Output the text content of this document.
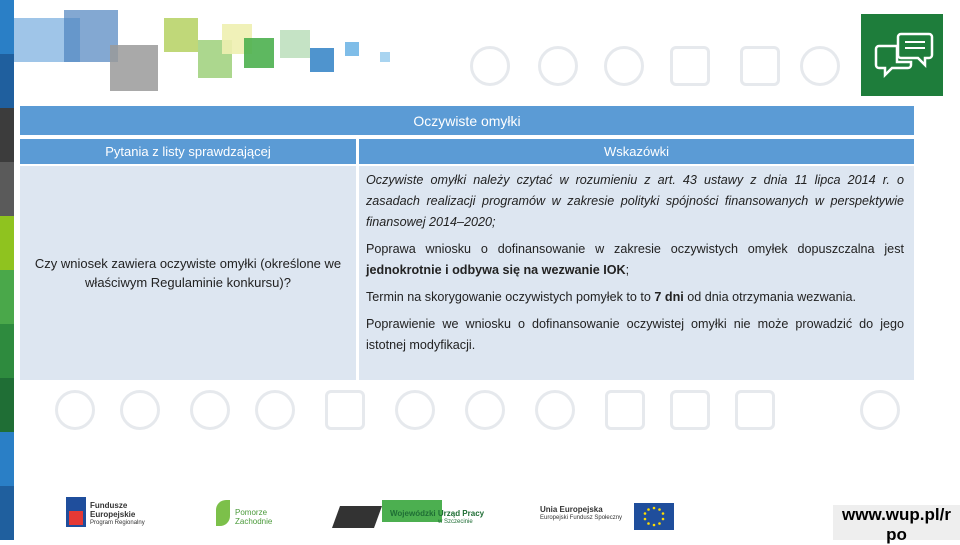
Oczywiste omyłki
Pytania z listy sprawdzającej	Wskazówki
Czy wniosek zawiera oczywiste omyłki (określone we właściwym Regulaminie konkursu)?

Oczywiste omyłki należy czytać w rozumieniu z art. 43 ustawy z dnia 11 lipca 2014 r. o zasadach realizacji programów w zakresie polityki spójności finansowanych w perspektywie finansowej 2014–2020;

Poprawa wniosku o dofinansowanie w zakresie oczywistych omyłek dopuszczalna jest jednokrotnie i odbywa się na wezwanie IOK;

Termin na skorygowanie oczywistych pomyłek to to 7 dni od dnia otrzymania wezwania.

Poprawienie we wniosku o dofinansowanie oczywistej omyłki nie może prowadzić do jego istotnej modyfikacji.

Fundusze
Europejskie
Program Regionalny
Pomorze
Zachodnie
Wojewódzki Urząd Pracy
w Szczecinie
Unia Europejska
Europejski Fundusz Społeczny	www.wup.pl/r po
